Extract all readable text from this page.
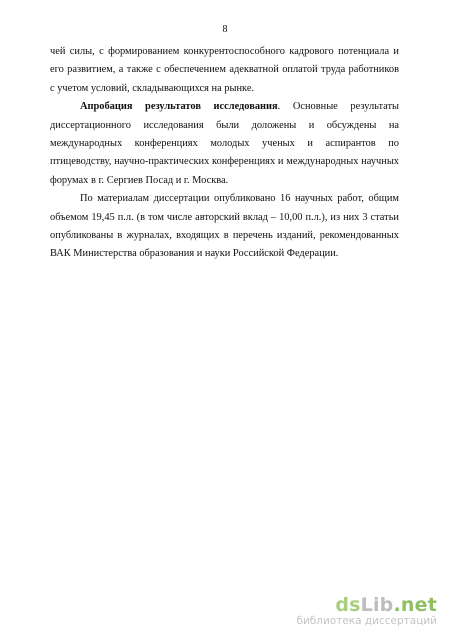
8

чей силы, с формированием конкурентоспособного кадрового потенциала и его развитием, а также с обеспечением адекватной оплатой труда работников с учетом условий, складывающихся на рынке.

Апробация результатов исследования. Основные результаты диссертационного исследования были доложены и обсуждены на международных конференциях молодых ученых и аспирантов по птицеводству, научно-практических конференциях и международных научных форумах в г. Сергиев Посад и г. Москва.

По материалам диссертации опубликовано 16 научных работ, общим объемом 19,45 п.л. (в том числе авторский вклад – 10,00 п.л.), из них 3 статьи опубликованы в журналах, входящих в перечень изданий, рекомендованных ВАК Министерства образования и науки Российской Федерации.

dsLib.net
библиотека диссертаций
